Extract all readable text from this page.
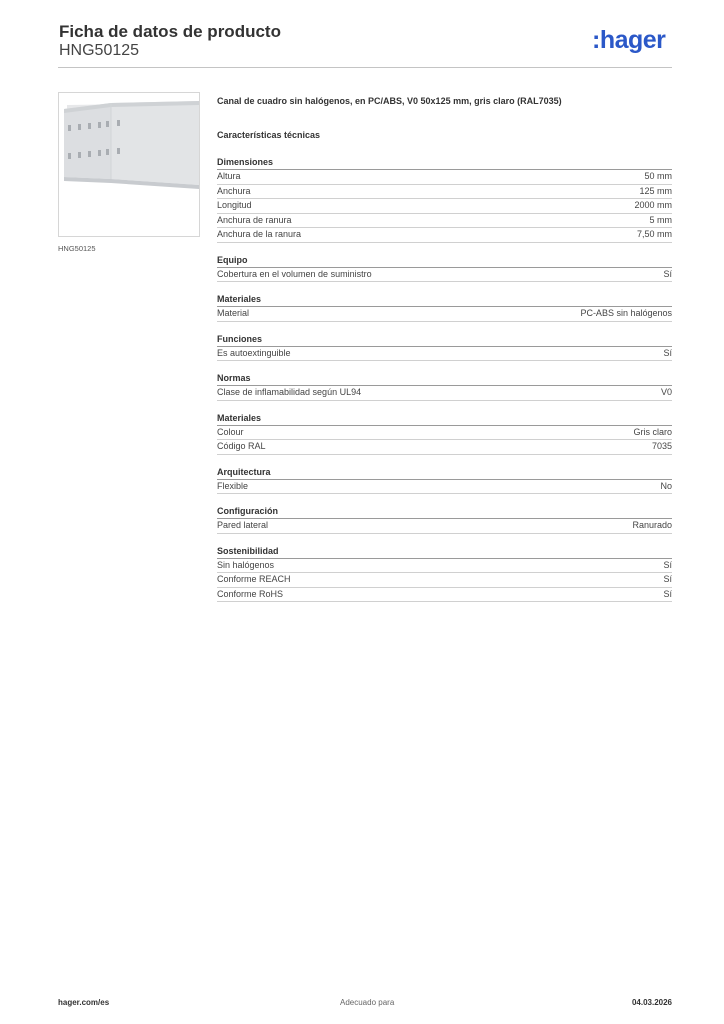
Ficha de datos de producto
HNG50125	:hager
HNG50125
Canal de cuadro sin halógenos, en PC/ABS, V0 50x125 mm, gris claro (RAL7035)
Características técnicas
Dimensiones
Altura	50 mm
Anchura	125 mm
Longitud	2000 mm
Anchura de ranura	5 mm
Anchura de la ranura	7,50 mm
Equipo
Cobertura en el volumen de suministro	Sí
Materiales
Material	PC-ABS sin halógenos
Funciones
Es autoextinguible	Sí
Normas
Clase de inflamabilidad según UL94	V0
Materiales
Colour	Gris claro
Código RAL	7035
Arquitectura
Flexible	No
Configuración
Pared lateral	Ranurado
Sostenibilidad
Sin halógenos	Sí
Conforme REACH	Sí
Conforme RoHS	Sí
hager.com/es	Adecuado para	04.03.2026
